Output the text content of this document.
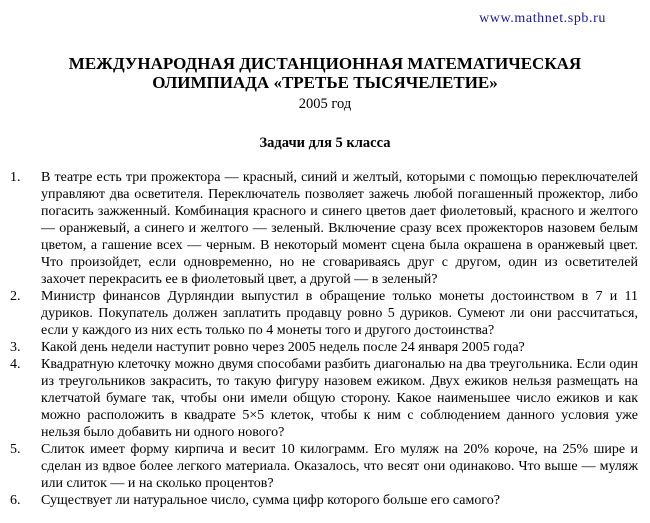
www.mathnet.spb.ru
МЕЖДУНАРОДНАЯ ДИСТАНЦИОННАЯ МАТЕМАТИЧЕСКАЯ
ОЛИМПИАДА «ТРЕТЬЕ ТЫСЯЧЕЛЕТИЕ»
2005 год
Задачи для 5 класса
1. В театре есть три прожектора — красный, синий и желтый, которыми с помощью переключателей управляют два осветителя. Переключатель позволяет зажечь любой погашенный прожектор, либо погасить зажженный. Комбинация красного и синего цветов дает фиолетовый, красного и желтого — оранжевый, а синего и желтого — зеленый. Включение сразу всех прожекторов назовем белым цветом, а гашение всех — черным. В некоторый момент сцена была окрашена в оранжевый цвет. Что произойдет, если одновременно, но не сговариваясь друг с другом, один из осветителей захочет перекрасить ее в фиолетовый цвет, а другой — в зеленый?
2. Министр финансов Дурляндии выпустил в обращение только монеты достоинством в 7 и 11 дуриков. Покупатель должен заплатить продавцу ровно 5 дуриков. Сумеют ли они рассчитаться, если у каждого из них есть только по 4 монеты того и другого достоинства?
3. Какой день недели наступит ровно через 2005 недель после 24 января 2005 года?
4. Квадратную клеточку можно двумя способами разбить диагональю на два треугольника. Если один из треугольников закрасить, то такую фигуру назовем ежиком. Двух ежиков нельзя размещать на клетчатой бумаге так, чтобы они имели общую сторону. Какое наименьшее число ежиков и как можно расположить в квадрате 5×5 клеток, чтобы к ним с соблюдением данного условия уже нельзя было добавить ни одного нового?
5. Слиток имеет форму кирпича и весит 10 килограмм. Его муляж на 20% короче, на 25% шире и сделан из вдвое более легкого материала. Оказалось, что весят они одинаково. Что выше — муляж или слиток — и на сколько процентов?
6. Существует ли натуральное число, сумма цифр которого больше его самого?
